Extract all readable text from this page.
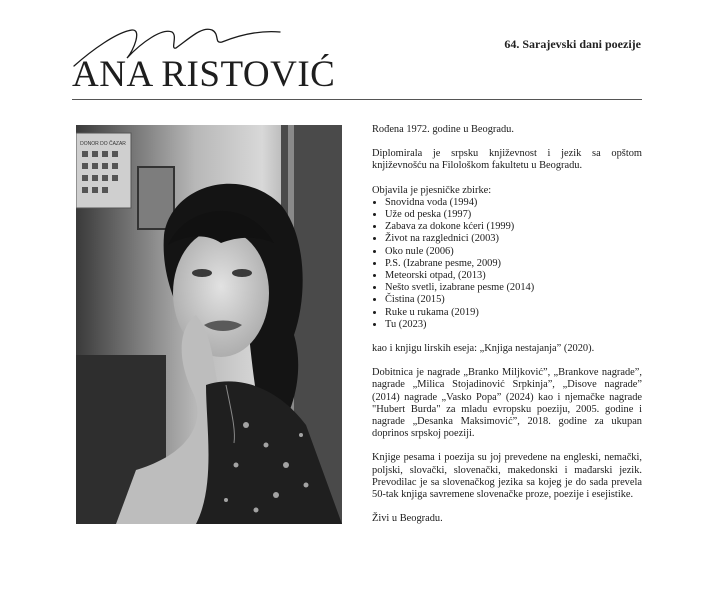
ANA RISTOVIĆ
64. Sarajevski dani poezije
DONOR DO ČAZAR

Rođena 1972. godine u Beogradu.

Diplomirala je srpsku književnost i jezik sa opštom književnošću na Filološkom fakultetu u Beogradu.

Objavila je pjesničke zbirke:

• Snovidna voda (1994)
• Uže od peska (1997)
• Zabava za dokone kćeri (1999)
• Život na razglednici (2003)
• Oko nule (2006)
• P.S. (Izabrane pesme, 2009)
• Meteorski otpad, (2013)
• Nešto svetli, izabrane pesme (2014)
• Čistina (2015)
• Ruke u rukama (2019)
• Tu (2023)

kao i knjigu lirskih eseja: „Knjiga nestajanja” (2020).

Dobitnica je nagrade „Branko Miljković”, „Brankove nagrade”, nagrade „Milica Stojadinović Srpkinja”, „Disove nagrade” (2014) nagrade „Vasko Popa” (2024) kao i njemačke nagrade "Hubert Burda" za mladu evropsku poeziju, 2005. godine i nagrade „Desanka Maksimović”, 2018. godine za ukupan doprinos srpskoj poeziji.

Knjige pesama i poezija su joj prevedene na engleski, nemački, poljski, slovački, slovenački, makedonski i mađarski jezik. Prevodilac je sa slovenačkog jezika sa kojeg je do sada prevela 50-tak knjiga savremene slovenačke proze, poezije i esejistike.

Živi u Beogradu.
